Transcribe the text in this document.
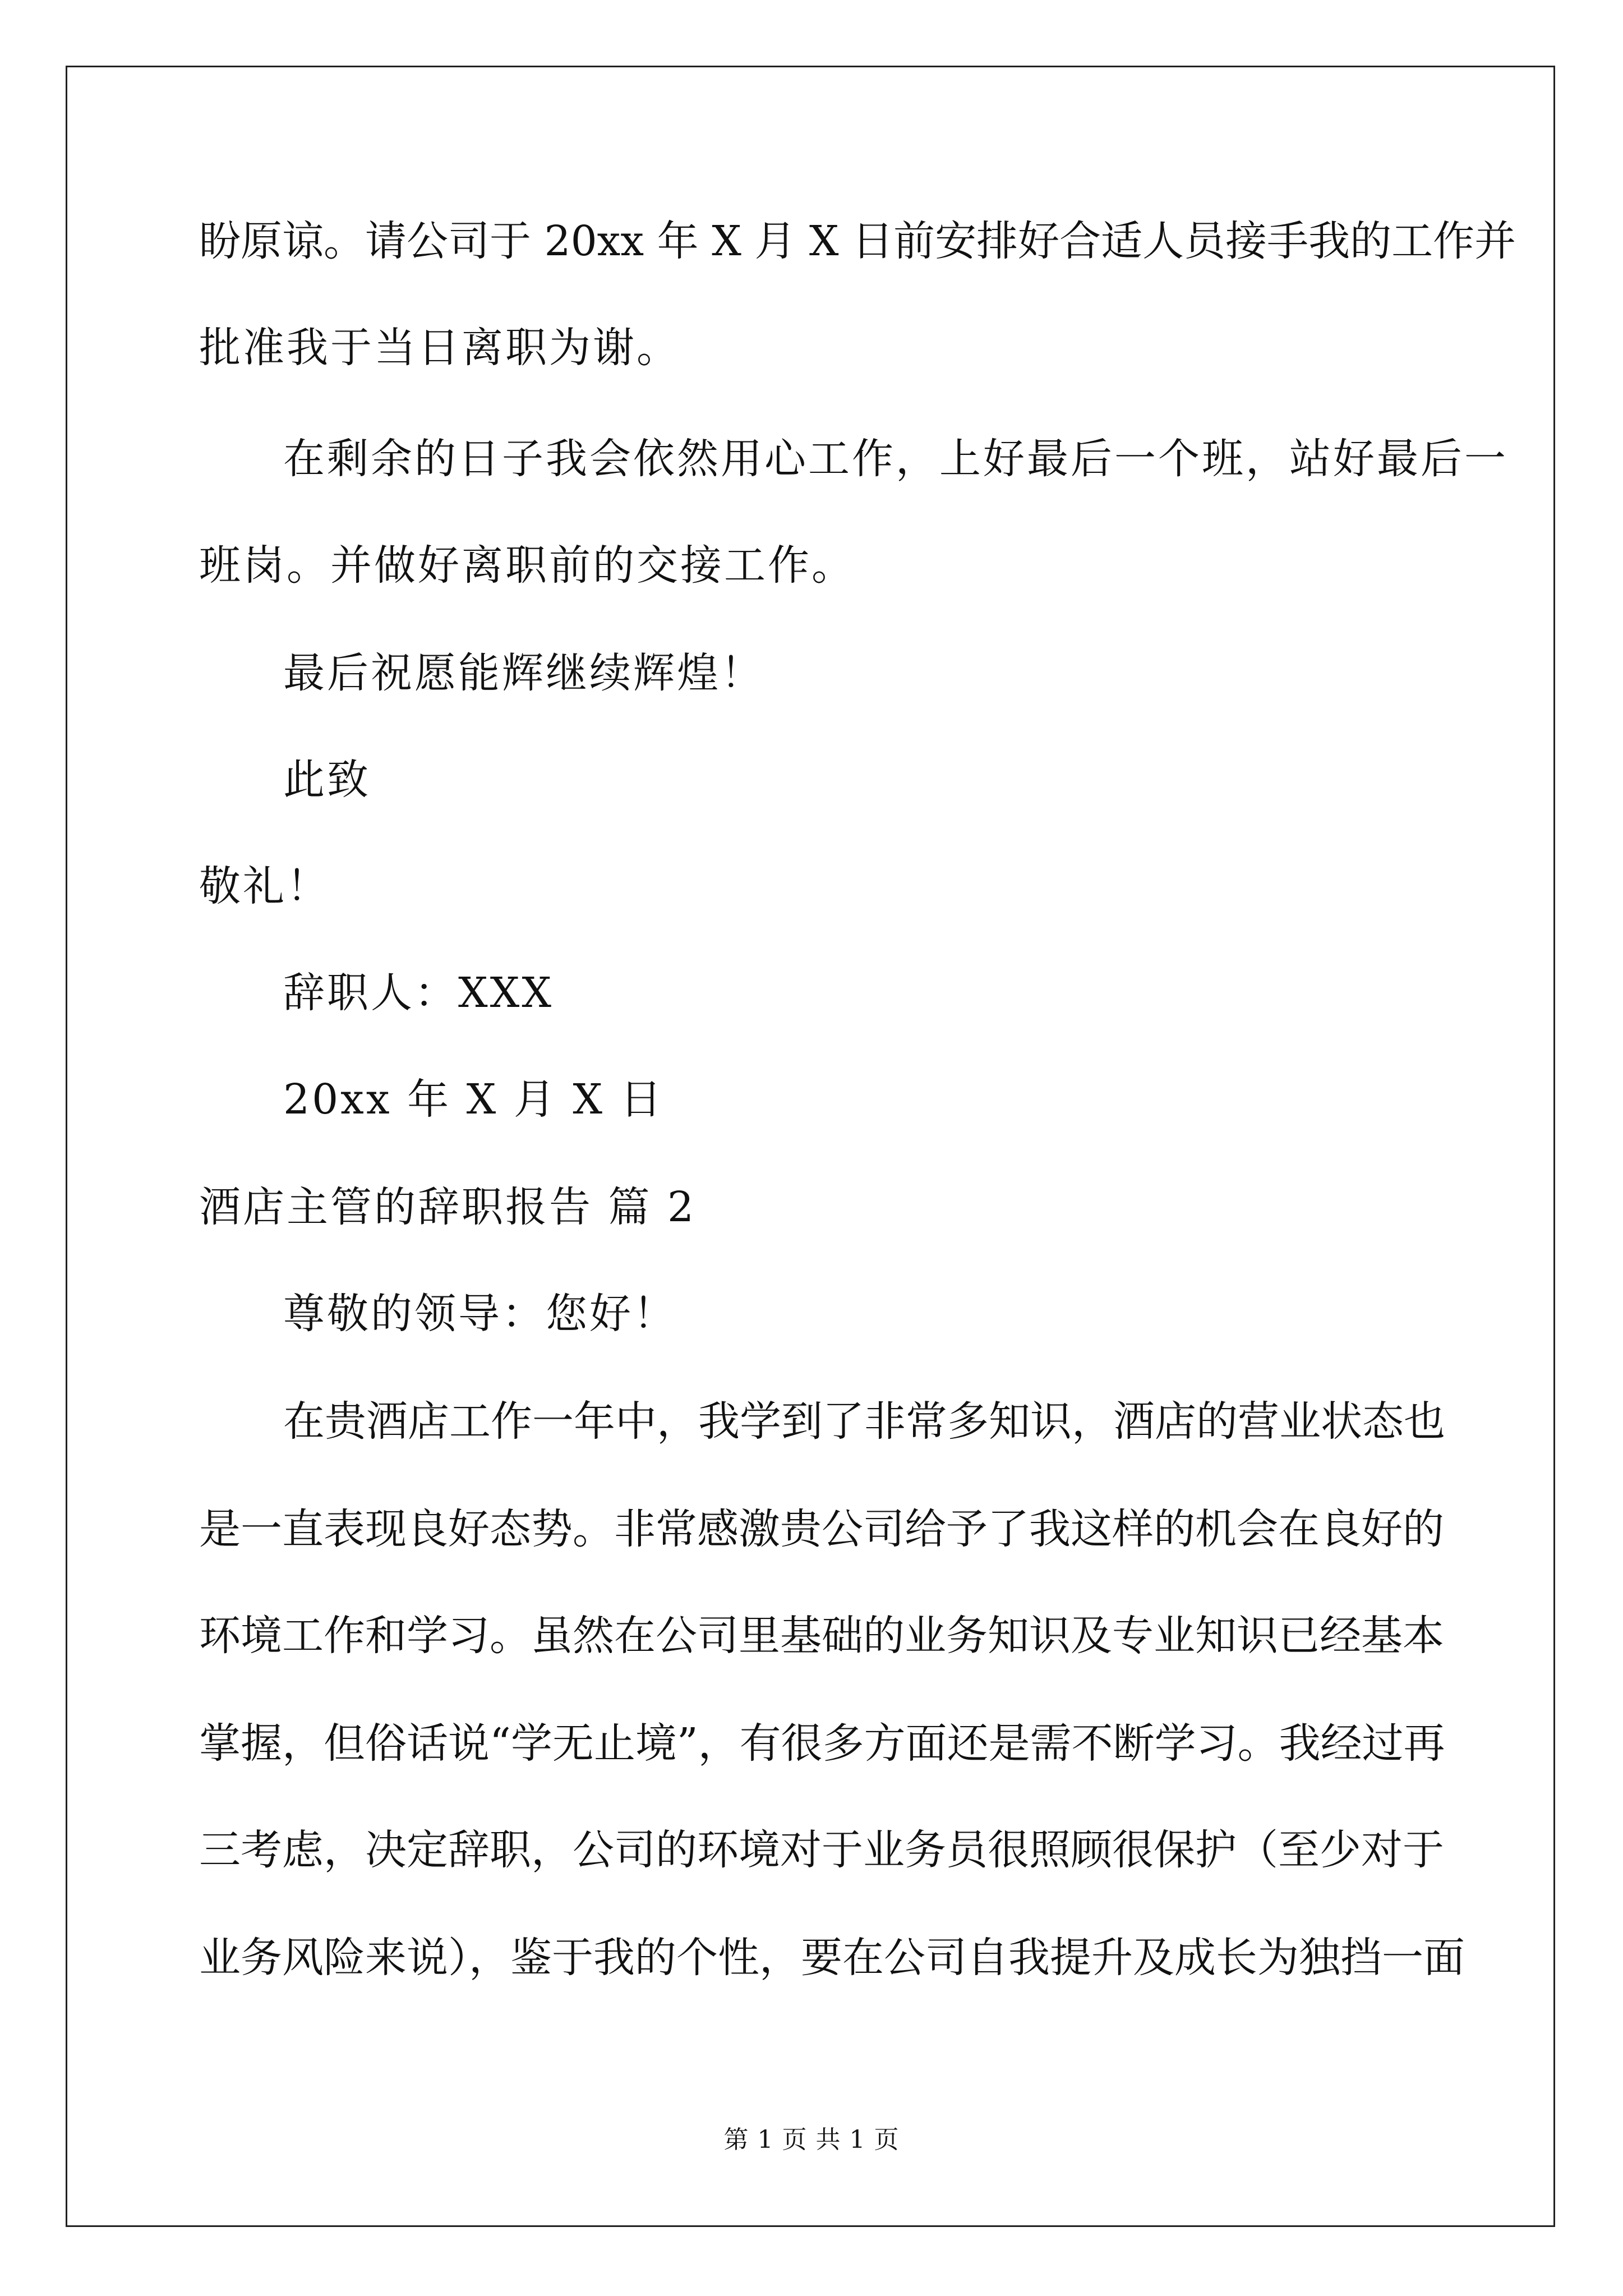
盼原谅。请公司于 20xx 年 X 月 X 日前安排好合适人员接手我的工作并
批准我于当日离职为谢。
在剩余的日子我会依然用心工作，上好最后一个班，站好最后一
班岗。并做好离职前的交接工作。
最后祝愿能辉继续辉煌！
此致
敬礼！
辞职人：XXX
20xx 年 X 月 X 日
酒店主管的辞职报告 篇 2
尊敬的领导：您好！
在贵酒店工作一年中，我学到了非常多知识，酒店的营业状态也
是一直表现良好态势。非常感激贵公司给予了我这样的机会在良好的
环境工作和学习。虽然在公司里基础的业务知识及专业知识已经基本
掌握，但俗话说“学无止境”，有很多方面还是需不断学习。我经过再
三考虑，决定辞职，公司的环境对于业务员很照顾很保护（至少对于
业务风险来说），鉴于我的个性，要在公司自我提升及成长为独挡一面
第 1 页 共 1 页
